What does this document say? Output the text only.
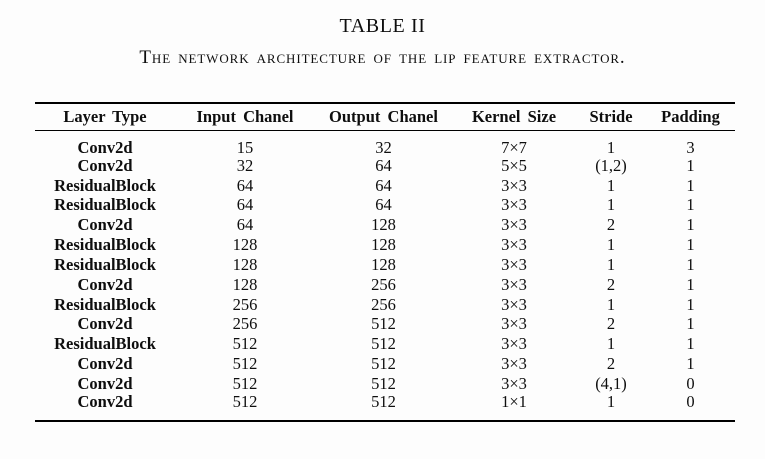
TABLE II
The network architecture of the lip feature extractor.
Layer Type	Input Chanel	Output Chanel	Kernel Size	Stride	Padding
Conv2d	15	32	7×7	1	3
Conv2d	32	64	5×5	(1,2)	1
ResidualBlock	64	64	3×3	1	1
ResidualBlock	64	64	3×3	1	1
Conv2d	64	128	3×3	2	1
ResidualBlock	128	128	3×3	1	1
ResidualBlock	128	128	3×3	1	1
Conv2d	128	256	3×3	2	1
ResidualBlock	256	256	3×3	1	1
Conv2d	256	512	3×3	2	1
ResidualBlock	512	512	3×3	1	1
Conv2d	512	512	3×3	2	1
Conv2d	512	512	3×3	(4,1)	0
Conv2d	512	512	1×1	1	0
